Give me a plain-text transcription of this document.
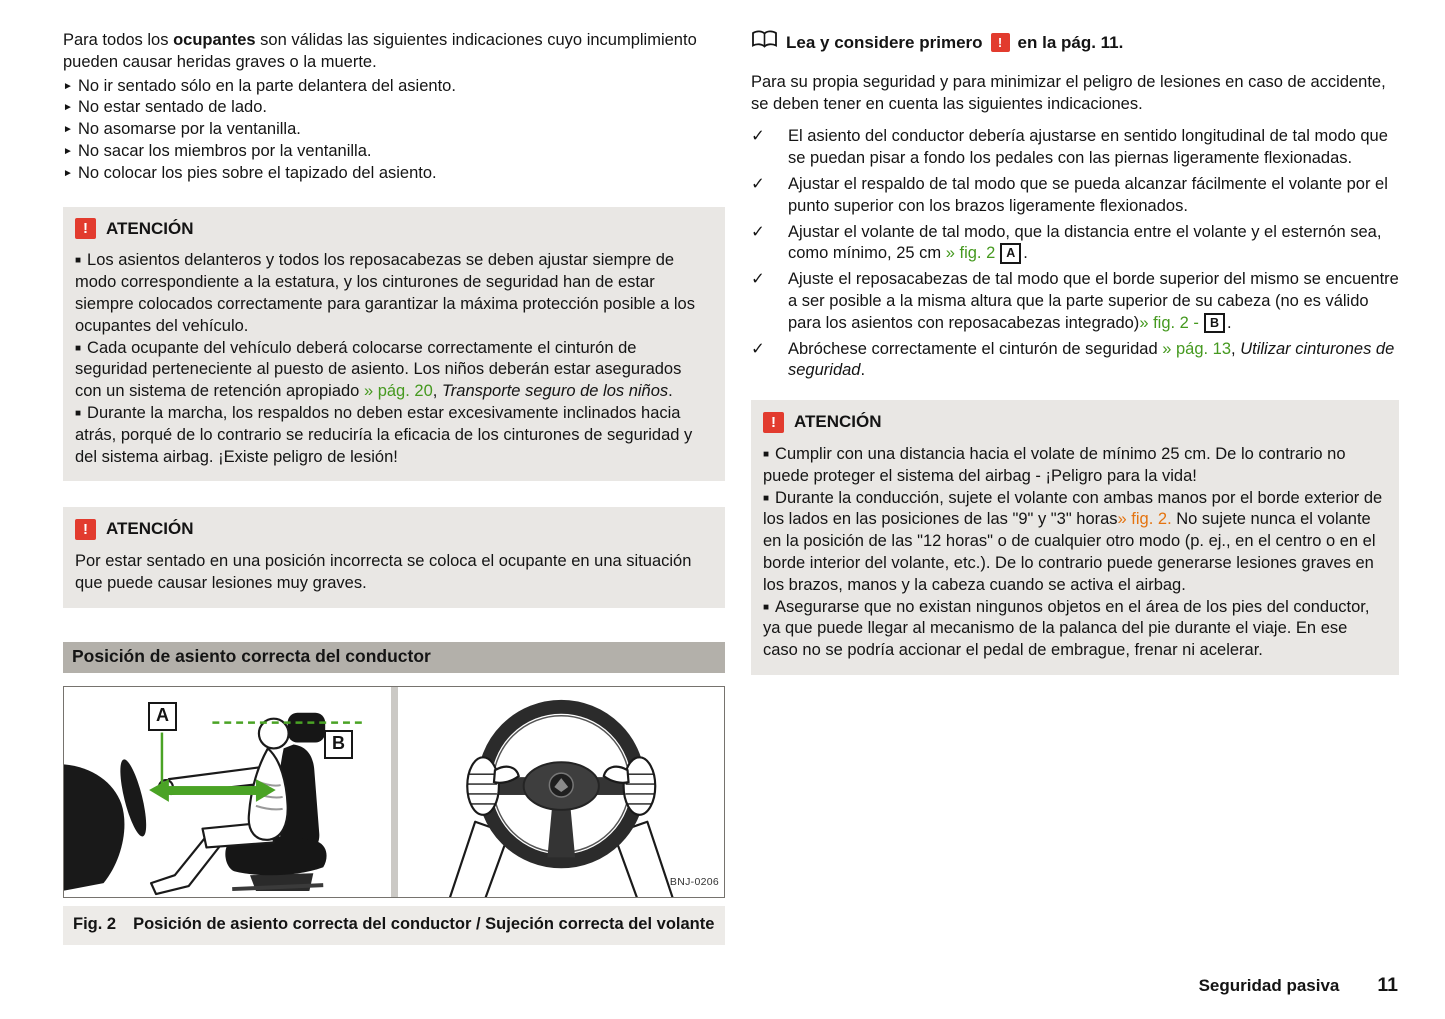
Para todos los ocupantes son válidas las siguientes indicaciones cuyo incumplimiento pueden causar heridas graves o la muerte.

► No ir sentado sólo en la parte delantera del asiento.
► No estar sentado de lado.
► No asomarse por la ventanilla.
► No sacar los miembros por la ventanilla.
► No colocar los pies sobre el tapizado del asiento.
!	ATENCIÓN

■ Los asientos delanteros y todos los reposacabezas se deben ajustar siempre de modo correspondiente a la estatura, y los cinturones de seguridad han de estar siempre colocados correctamente para garantizar la máxima protección posible a los ocupantes del vehículo.

■ Cada ocupante del vehículo deberá colocarse correctamente el cinturón de seguridad perteneciente al puesto de asiento. Los niños deberán estar asegurados con un sistema de retención apropiado » pág. 20, Transporte seguro de los niños.

■ Durante la marcha, los respaldos no deben estar excesivamente inclinados hacia atrás, porqué de lo contrario se reduciría la eficacia de los cinturones de seguridad y del sistema airbag. ¡Existe peligro de lesión!

!	ATENCIÓN

Por estar sentado en una posición incorrecta se coloca el ocupante en una situación que puede causar lesiones muy graves.

Posición de asiento correcta del conductor
A
B
BNJ-0206
Fig. 2 Posición de asiento correcta del conductor / Sujeción correcta del volante
Lea y considere primero	! en la pág. 11.

Para su propia seguridad y para minimizar el peligro de lesiones en caso de accidente, se deben tener en cuenta las siguientes indicaciones.

✓	El asiento del conductor debería ajustarse en sentido longitudinal de tal modo que se puedan pisar a fondo los pedales con las piernas ligeramente flexionadas.
✓	Ajustar el respaldo de tal modo que se pueda alcanzar fácilmente el volante por el punto superior con los brazos ligeramente flexionados.
✓	Ajustar el volante de tal modo, que la distancia entre el volante y el esternón sea, como mínimo, 25 cm » fig. 2 A .
✓	Ajuste el reposacabezas de tal modo que el borde superior del mismo se encuentre a ser posible a la misma altura que la parte superior de su cabeza (no es válido para los asientos con reposacabezas integrado)» fig. 2 - B .
✓	Abróchese correctamente el cinturón de seguridad » pág. 13, Utilizar cinturones de seguridad.
!	ATENCIÓN

■ Cumplir con una distancia hacia el volate de mínimo 25 cm. De lo contrario no puede proteger el sistema del airbag - ¡Peligro para la vida!

■ Durante la conducción, sujete el volante con ambas manos por el borde exterior de los lados en las posiciones de las "9" y "3" horas» fig. 2. No sujete nunca el volante en la posición de las "12 horas" o de cualquier otro modo (p. ej., en el centro o en el borde interior del volante, etc.). De lo contrario puede generarse lesiones graves en los brazos, manos y la cabeza cuando se activa el airbag.

■ Asegurarse que no existan ningunos objetos en el área de los pies del conductor, ya que puede llegar al mecanismo de la palanca del pie durante el viaje. En ese caso no se podría accionar el pedal de embrague, frenar ni acelerar.

Seguridad pasiva 11
